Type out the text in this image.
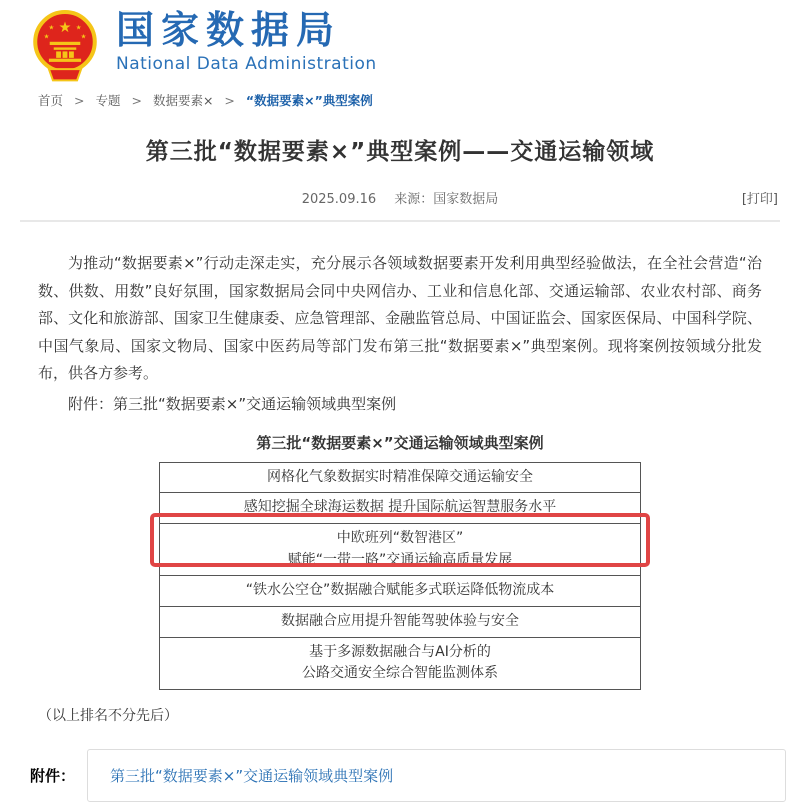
★
★	★
★	★ 国家数据局
National Data Administration
首页 > 专题 > 数据要素× > “数据要素×”典型案例
第三批“数据要素×”典型案例——交通运输领域
2025.09.16 来源：国家数据局	[打印]

为推动“数据要素×”行动走深走实，充分展示各领域数据要素开发利用典型经验做法，在全社会营造“治数、供数、用数”良好氛围，国家数据局会同中央网信办、工业和信息化部、交通运输部、农业农村部、商务部、文化和旅游部、国家卫生健康委、应急管理部、金融监管总局、中国证监会、国家医保局、中国科学院、中国气象局、国家文物局、国家中医药局等部门发布第三批“数据要素×”典型案例。现将案例按领域分批发布，供各方参考。

附件：第三批“数据要素×”交通运输领域典型案例

第三批“数据要素×”交通运输领域典型案例
网格化气象数据实时精准保障交通运输安全
感知挖掘全球海运数据 提升国际航运智慧服务水平

中欧班列“数智港区”
赋能“一带一路”交通运输高质量发展

“铁水公空仓”数据融合赋能多式联运降低物流成本
数据融合应用提升智能驾驶体验与安全

基于多源数据融合与AI分析的
公路交通安全综合智能监测体系
（以上排名不分先后）
附件：	第三批“数据要素×”交通运输领域典型案例
